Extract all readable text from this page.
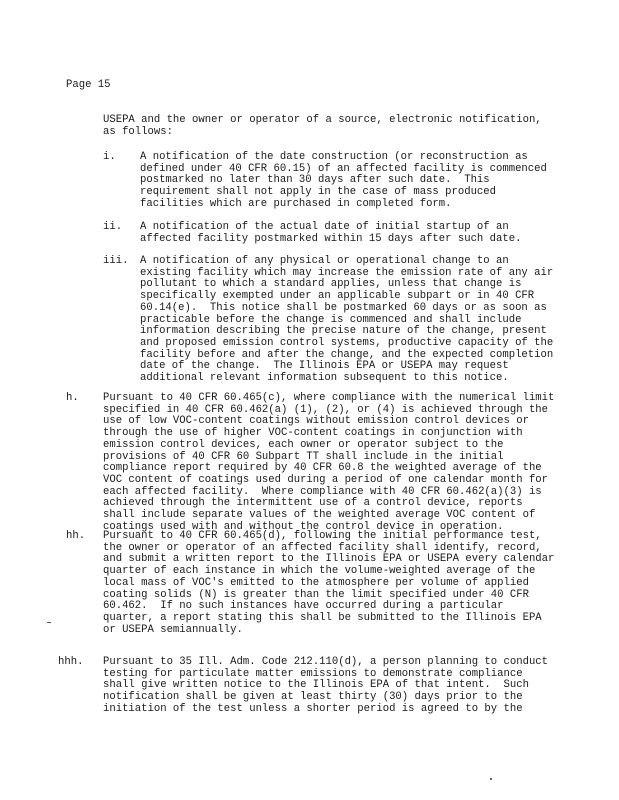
Page 15
USEPA and the owner or operator of a source, electronic notification,
as follows:
i. A notification of the date construction (or reconstruction as
defined under 40 CFR 60.15) of an affected facility is commenced
postmarked no later than 30 days after such date.  This
requirement shall not apply in the case of mass produced
facilities which are purchased in completed form.
ii. A notification of the actual date of initial startup of an
affected facility postmarked within 15 days after such date.
iii. A notification of any physical or operational change to an
existing facility which may increase the emission rate of any air
pollutant to which a standard applies, unless that change is
specifically exempted under an applicable subpart or in 40 CFR
60.14(e).  This notice shall be postmarked 60 days or as soon as
practicable before the change is commenced and shall include
information describing the precise nature of the change, present
and proposed emission control systems, productive capacity of the
facility before and after the change, and the expected completion
date of the change.  The Illinois EPA or USEPA may request
additional relevant information subsequent to this notice.
h. Pursuant to 40 CFR 60.465(c), where compliance with the numerical limit
specified in 40 CFR 60.462(a) (1), (2), or (4) is achieved through the
use of low VOC-content coatings without emission control devices or
through the use of higher VOC-content coatings in conjunction with
emission control devices, each owner or operator subject to the
provisions of 40 CFR 60 Subpart TT shall include in the initial
compliance report required by 40 CFR 60.8 the weighted average of the
VOC content of coatings used during a period of one calendar month for
each affected facility.  Where compliance with 40 CFR 60.462(a)(3) is
achieved through the intermittent use of a control device, reports
shall include separate values of the weighted average VOC content of
coatings used with and without the control device in operation.
hh. Pursuant to 40 CFR 60.465(d), following the initial performance test,
the owner or operator of an affected facility shall identify, record,
and submit a written report to the Illinois EPA or USEPA every calendar
quarter of each instance in which the volume-weighted average of the
local mass of VOC's emitted to the atmosphere per volume of applied
coating solids (N) is greater than the limit specified under 40 CFR
60.462.  If no such instances have occurred during a particular
quarter, a report stating this shall be submitted to the Illinois EPA
or USEPA semiannually.
hhh. Pursuant to 35 Ill. Adm. Code 212.110(d), a person planning to conduct
testing for particulate matter emissions to demonstrate compliance
shall give written notice to the Illinois EPA of that intent.  Such
notification shall be given at least thirty (30) days prior to the
initiation of the test unless a shorter period is agreed to by the
